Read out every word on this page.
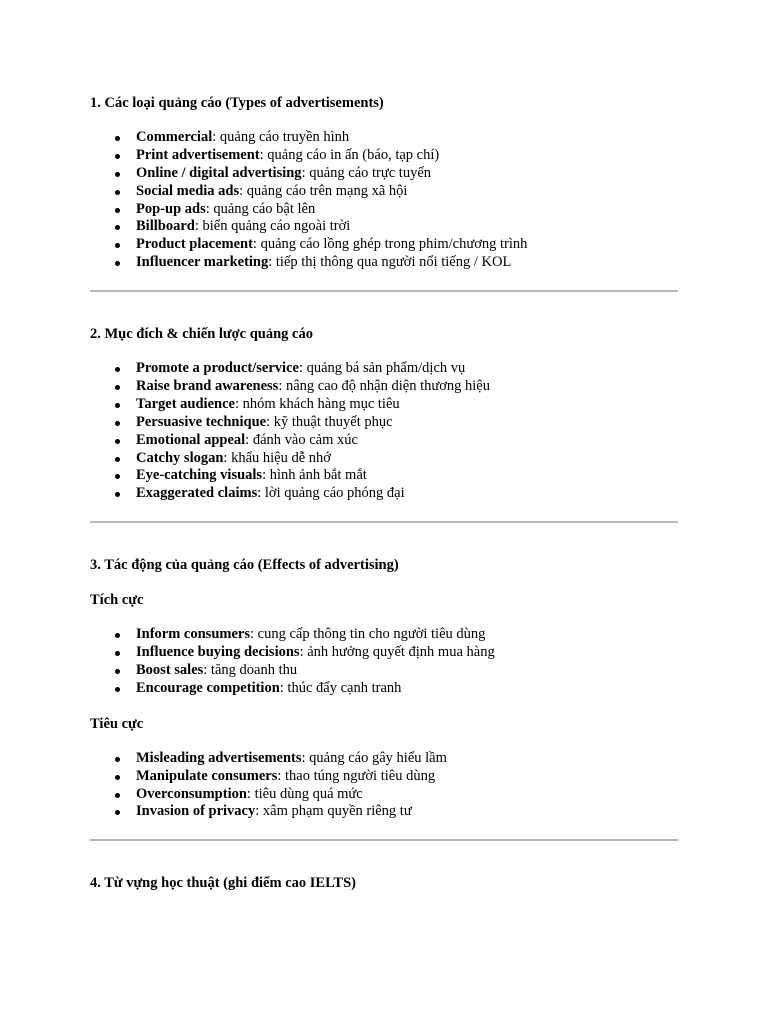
1. Các loại quảng cáo (Types of advertisements)

Commercial: quảng cáo truyền hình
Print advertisement: quảng cáo in ấn (báo, tạp chí)
Online / digital advertising: quảng cáo trực tuyến
Social media ads: quảng cáo trên mạng xã hội
Pop-up ads: quảng cáo bật lên
Billboard: biển quảng cáo ngoài trời
Product placement: quảng cáo lồng ghép trong phim/chương trình
Influencer marketing: tiếp thị thông qua người nổi tiếng / KOL

2. Mục đích & chiến lược quảng cáo

Promote a product/service: quảng bá sản phẩm/dịch vụ
Raise brand awareness: nâng cao độ nhận diện thương hiệu
Target audience: nhóm khách hàng mục tiêu
Persuasive technique: kỹ thuật thuyết phục
Emotional appeal: đánh vào cảm xúc
Catchy slogan: khẩu hiệu dễ nhớ
Eye-catching visuals: hình ảnh bắt mắt
Exaggerated claims: lời quảng cáo phóng đại

3. Tác động của quảng cáo (Effects of advertising)

Tích cực

Inform consumers: cung cấp thông tin cho người tiêu dùng
Influence buying decisions: ảnh hưởng quyết định mua hàng
Boost sales: tăng doanh thu
Encourage competition: thúc đẩy cạnh tranh

Tiêu cực

Misleading advertisements: quảng cáo gây hiểu lầm
Manipulate consumers: thao túng người tiêu dùng
Overconsumption: tiêu dùng quá mức
Invasion of privacy: xâm phạm quyền riêng tư

4. Từ vựng học thuật (ghi điểm cao IELTS)
